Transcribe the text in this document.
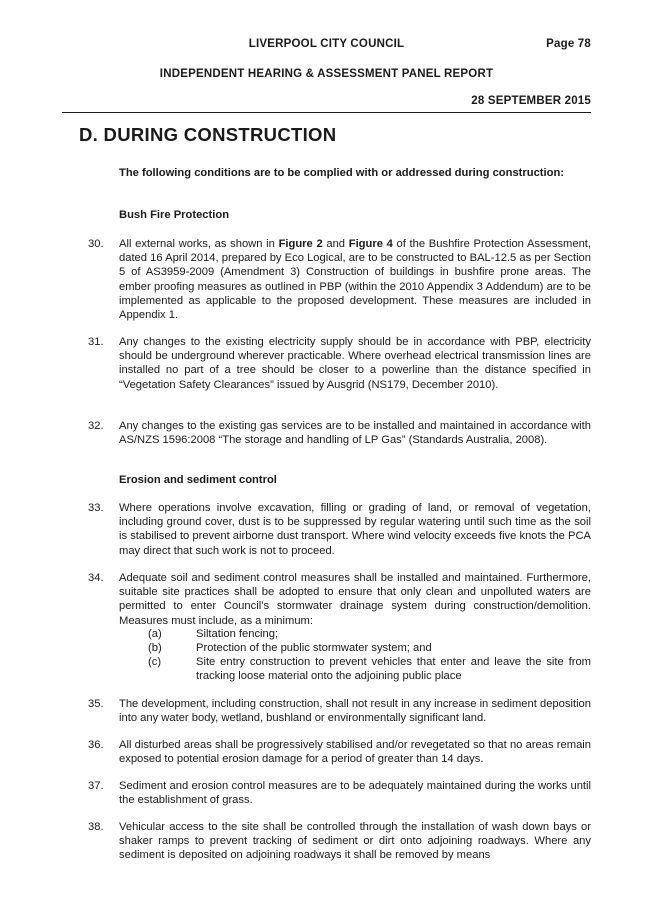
LIVERPOOL CITY COUNCIL	Page 78
INDEPENDENT HEARING & ASSESSMENT PANEL REPORT
28 SEPTEMBER 2015
D. DURING CONSTRUCTION
The following conditions are to be complied with or addressed during construction:
Bush Fire Protection
30. All external works, as shown in Figure 2 and Figure 4 of the Bushfire Protection Assessment, dated 16 April 2014, prepared by Eco Logical, are to be constructed to BAL-12.5 as per Section 5 of AS3959-2009 (Amendment 3) Construction of buildings in bushfire prone areas. The ember proofing measures as outlined in PBP (within the 2010 Appendix 3 Addendum) are to be implemented as applicable to the proposed development. These measures are included in Appendix 1.
31. Any changes to the existing electricity supply should be in accordance with PBP, electricity should be underground wherever practicable. Where overhead electrical transmission lines are installed no part of a tree should be closer to a powerline than the distance specified in “Vegetation Safety Clearances” issued by Ausgrid (NS179, December 2010).
32. Any changes to the existing gas services are to be installed and maintained in accordance with AS/NZS 1596:2008 “The storage and handling of LP Gas” (Standards Australia, 2008).
Erosion and sediment control
33. Where operations involve excavation, filling or grading of land, or removal of vegetation, including ground cover, dust is to be suppressed by regular watering until such time as the soil is stabilised to prevent airborne dust transport. Where wind velocity exceeds five knots the PCA may direct that such work is not to proceed.
34. Adequate soil and sediment control measures shall be installed and maintained. Furthermore, suitable site practices shall be adopted to ensure that only clean and unpolluted waters are permitted to enter Council’s stormwater drainage system during construction/demolition. Measures must include, as a minimum:
(a)	Siltation fencing;
(b)	Protection of the public stormwater system; and
(c)	Site entry construction to prevent vehicles that enter and leave the site from tracking loose material onto the adjoining public place
35. The development, including construction, shall not result in any increase in sediment deposition into any water body, wetland, bushland or environmentally significant land.
36. All disturbed areas shall be progressively stabilised and/or revegetated so that no areas remain exposed to potential erosion damage for a period of greater than 14 days.
37. Sediment and erosion control measures are to be adequately maintained during the works until the establishment of grass.
38. Vehicular access to the site shall be controlled through the installation of wash down bays or shaker ramps to prevent tracking of sediment or dirt onto adjoining roadways. Where any sediment is deposited on adjoining roadways it shall be removed by means
